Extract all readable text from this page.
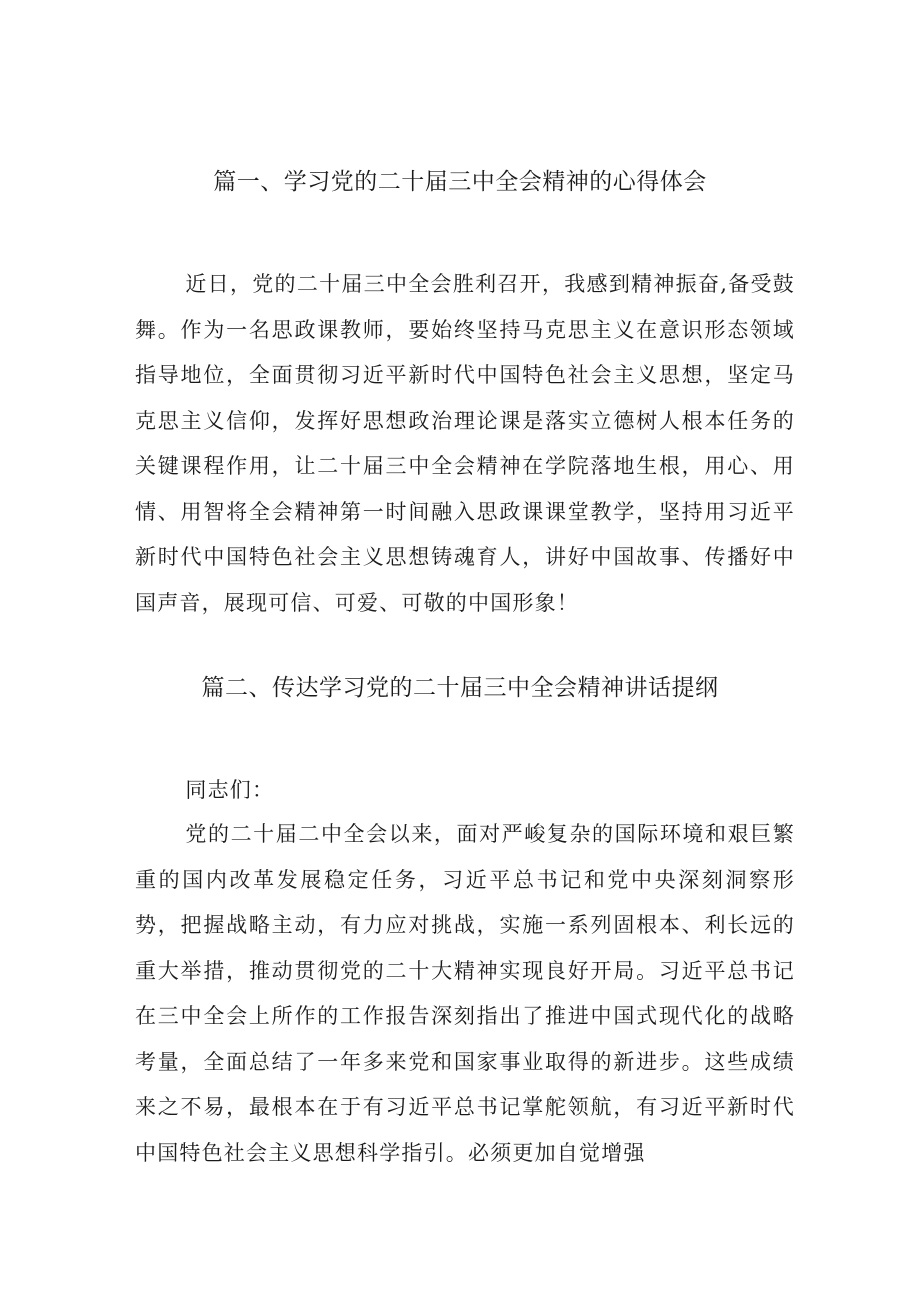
篇一、学习党的二十届三中全会精神的心得体会

近日，党的二十届三中全会胜利召开，我感到精神振奋,备受鼓舞。作为一名思政课教师，要始终坚持马克思主义在意识形态领域指导地位，全面贯彻习近平新时代中国特色社会主义思想，坚定马克思主义信仰，发挥好思想政治理论课是落实立德树人根本任务的关键课程作用，让二十届三中全会精神在学院落地生根，用心、用情、用智将全会精神第一时间融入思政课课堂教学，坚持用习近平新时代中国特色社会主义思想铸魂育人，讲好中国故事、传播好中国声音，展现可信、可爱、可敬的中国形象！

篇二、传达学习党的二十届三中全会精神讲话提纲

同志们：

党的二十届二中全会以来，面对严峻复杂的国际环境和艰巨繁重的国内改革发展稳定任务，习近平总书记和党中央深刻洞察形势，把握战略主动，有力应对挑战，实施一系列固根本、利长远的重大举措，推动贯彻党的二十大精神实现良好开局。习近平总书记在三中全会上所作的工作报告深刻指出了推进中国式现代化的战略考量，全面总结了一年多来党和国家事业取得的新进步。这些成绩来之不易，最根本在于有习近平总书记掌舵领航，有习近平新时代中国特色社会主义思想科学指引。必须更加自觉增强
